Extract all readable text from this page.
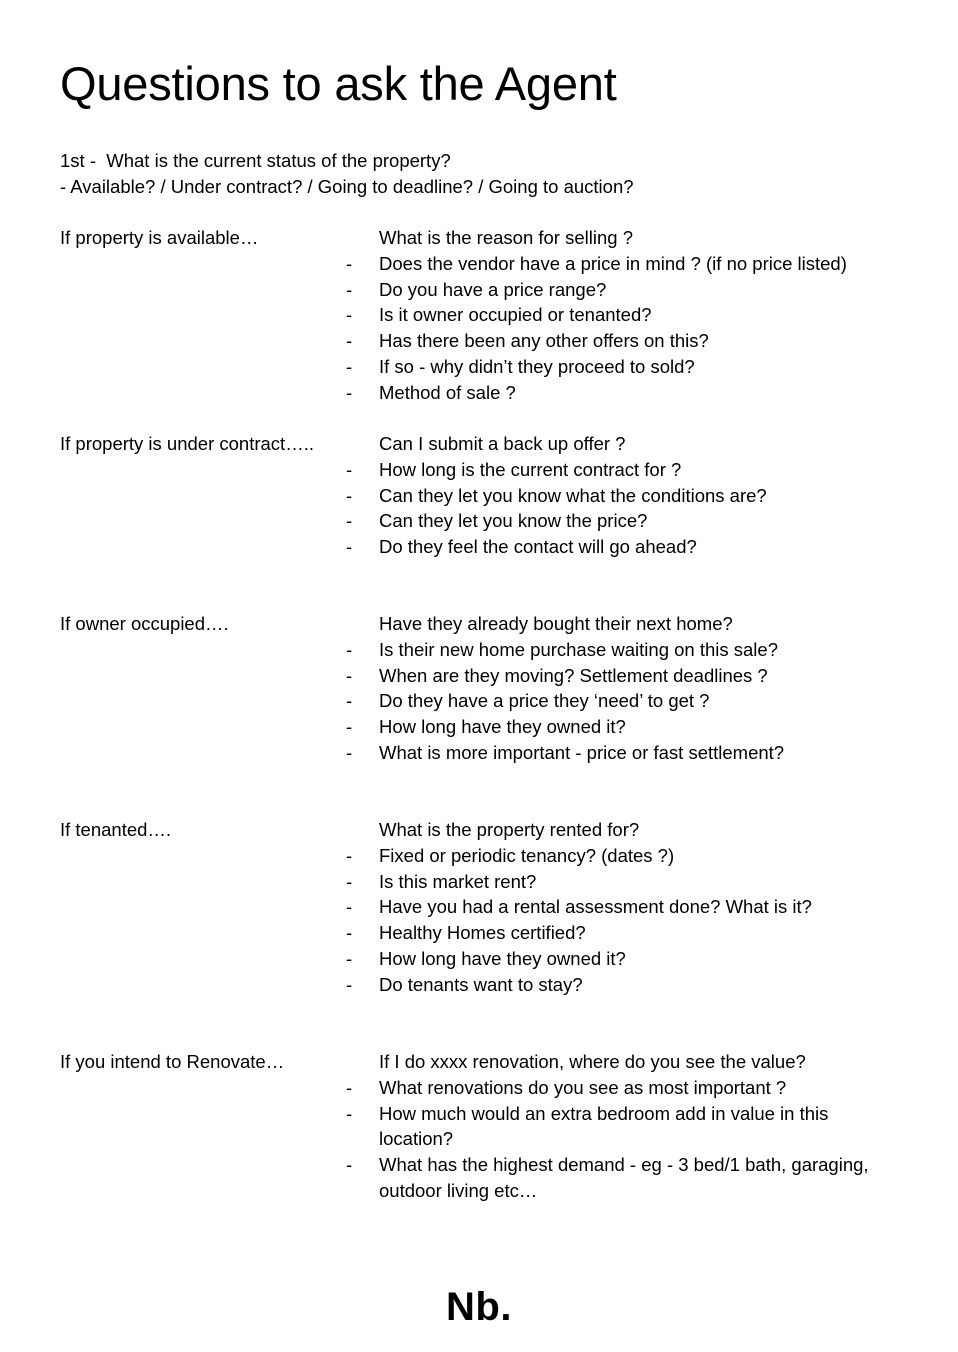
Questions to ask the Agent
1st -  What is the current status of the property?
- Available? / Under contract? / Going to deadline? / Going to auction?
If property is available…	What is the reason for selling ?
- Does the vendor have a price in mind ? (if no price listed)
- Do you have a price range?
- Is it owner occupied or tenanted?
- Has there been any other offers on this?
- If so - why didn’t they proceed to sold?
- Method of sale ?
If property is under contract…..	Can I submit a back up offer ?
- How long is the current contract for ?
- Can they let you know what the conditions are?
- Can they let you know the price?
- Do they feel the contact will go ahead?
If owner occupied….	Have they already bought their next home?
- Is their new home purchase waiting on this sale?
- When are they moving? Settlement deadlines ?
- Do they have a price they ‘need’ to get ?
- How long have they owned it?
- What is more important - price or fast settlement?
If tenanted….	What is the property rented for?
- Fixed or periodic tenancy? (dates ?)
- Is this market rent?
- Have you had a rental assessment done? What is it?
- Healthy Homes certified?
- How long have they owned it?
- Do tenants want to stay?
If you intend to Renovate…	If I do xxxx renovation, where do you see the value?
- What renovations do you see as most important ?
- How much would an extra bedroom add in value in this location?
- What has the highest demand - eg - 3 bed/1 bath, garaging, outdoor living etc…
Nb.
